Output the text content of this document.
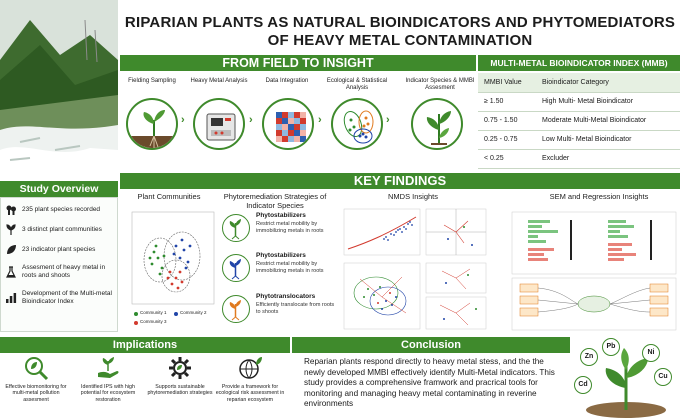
RIPARIAN PLANTS AS NATURAL BIOINDICATORS AND PHYTOMEDIATORS
OF HEAVY METAL CONTAMINATION
FROM FIELD TO INSIGHT
Fielding Sampling
›
Heavy Metal Analysis
›
Data Integration
›
Ecological & Statistical Analysis
›
Indicator Species & MMBI Assesment
MULTI-METAL BIOINDICATOR INDEX (MMB)
MMBI Value	Bioindicator Category
≥ 1.50	High Multi- Metal Bioindicator
0.75 - 1.50	Moderate Multi-Metal Bioindicator
0.25 - 0.75	Low Multi- Metal Bioindicator
< 0.25	Excluder
Study Overview
235 plant species recorded
3 distinct plant communities
23 indicator plant species
Assesment of heavy metal in roots and shoots
Development of the Multi-metal Bioindicator Index
KEY FINDINGS
Plant Communities
Community 1	Community 2
Community 3
Phytoremediation Strategies of Indicator Species
Phytostabilizers
Restrict metal mobility by immobilizing metals in roots
Phytostabilizers
Restrict metal mobility by immobilizing metals in roots
Phytotranslocators
Efficiently translocate from roots to shoots
NMDS Insights	SEM and Regression Insights
Implications
Effective biomonitoring for multi-metal pollution assesment
Identified IPS with high potential for ecosystem restoration
Supports sustainable phytoremediation strategies
Provide a framework for ecological risk assessment in reparian ecosystem
Conclusion
Reparian plants respond directly to heavy metal stess, and the the newly developed MMBI effectively identify Multi-Metal indicators. This study provides a comprehensive framwork and pracrical tools for monitoring and managing heavy metal contaminating in reverine environments
Zn
Pb
Ni
Cd
Cu
